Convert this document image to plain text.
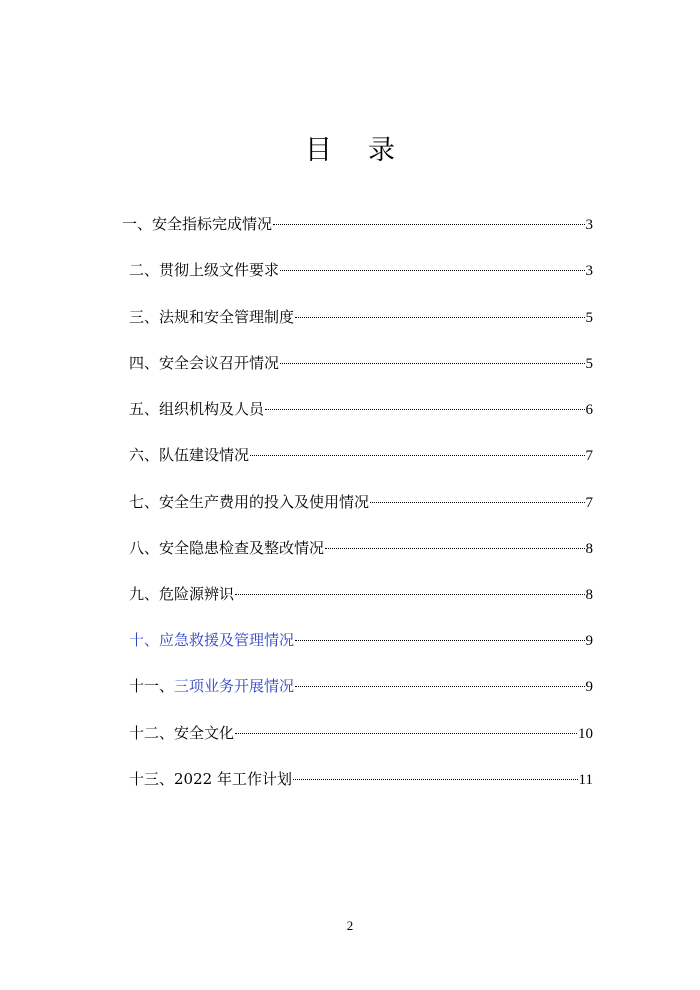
目 录
一、 安全指标完成情况	3
二、 贯彻上级文件要求	3
三、 法规和安全管理制度	5
四、 安全会议召开情况	5
五、 组织机构及人员	6
六、 队伍建设情况	7
七、 安全生产费用的投入及使用情况	7
八、 安全隐患检查及整改情况	8
九、 危险源辨识	8
十、 应急救援及管理情况	9
十一、 三项业务开展情况	9
十二、 安全文化	10
十三、 2022 年工作计划	11
2
